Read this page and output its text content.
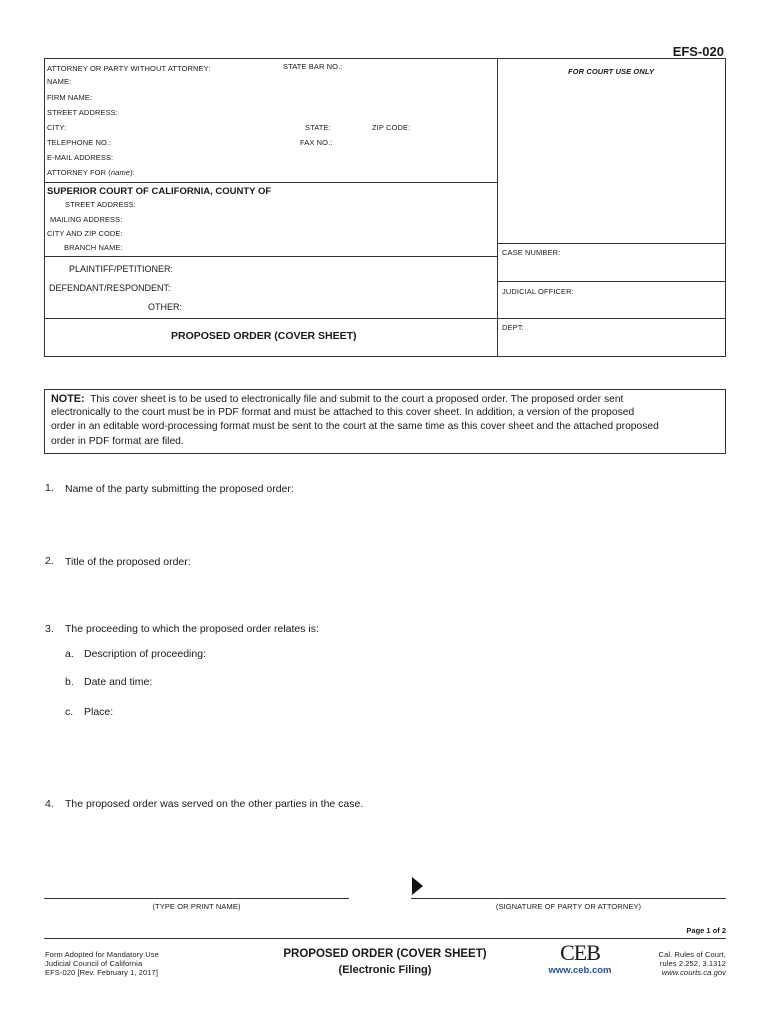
EFS-020
ATTORNEY OR PARTY WITHOUT ATTORNEY:	STATE BAR NO.:
FOR COURT USE ONLY
NAME:
FIRM NAME:
STREET ADDRESS:
CITY:	STATE:	ZIP CODE:
TELEPHONE NO.:	FAX NO.:
E-MAIL ADDRESS:
ATTORNEY FOR (name):
SUPERIOR COURT OF CALIFORNIA, COUNTY OF
STREET ADDRESS:
MAILING ADDRESS:
CITY AND ZIP CODE:
BRANCH NAME:
CASE NUMBER:
PLAINTIFF/PETITIONER:
DEFENDANT/RESPONDENT:
OTHER:
JUDICIAL OFFICER:
PROPOSED ORDER (COVER SHEET)
DEPT:
NOTE: This cover sheet is to be used to electronically file and submit to the court a proposed order. The proposed order sent
electronically to the court must be in PDF format and must be attached to this cover sheet. In addition, a version of the proposed
order in an editable word-processing format must be sent to the court at the same time as this cover sheet and the attached proposed
order in PDF format are filed.
1. Name of the party submitting the proposed order:
2. Title of the proposed order:
3. The proceeding to which the proposed order relates is:
a. Description of proceeding:
b. Date and time:
c. Place:
4. The proposed order was served on the other parties in the case.
(TYPE OR PRINT NAME)	(SIGNATURE OF PARTY OR ATTORNEY)
Page 1 of 2
Form Adopted for Mandatory Use
Judicial Council of California
EFS-020 [Rev. February 1, 2017]
PROPOSED ORDER (COVER SHEET)
(Electronic Filing)
CEB
www.ceb.com
Cal. Rules of Court,
rules 2.252, 3.1312
www.courts.ca.gov
